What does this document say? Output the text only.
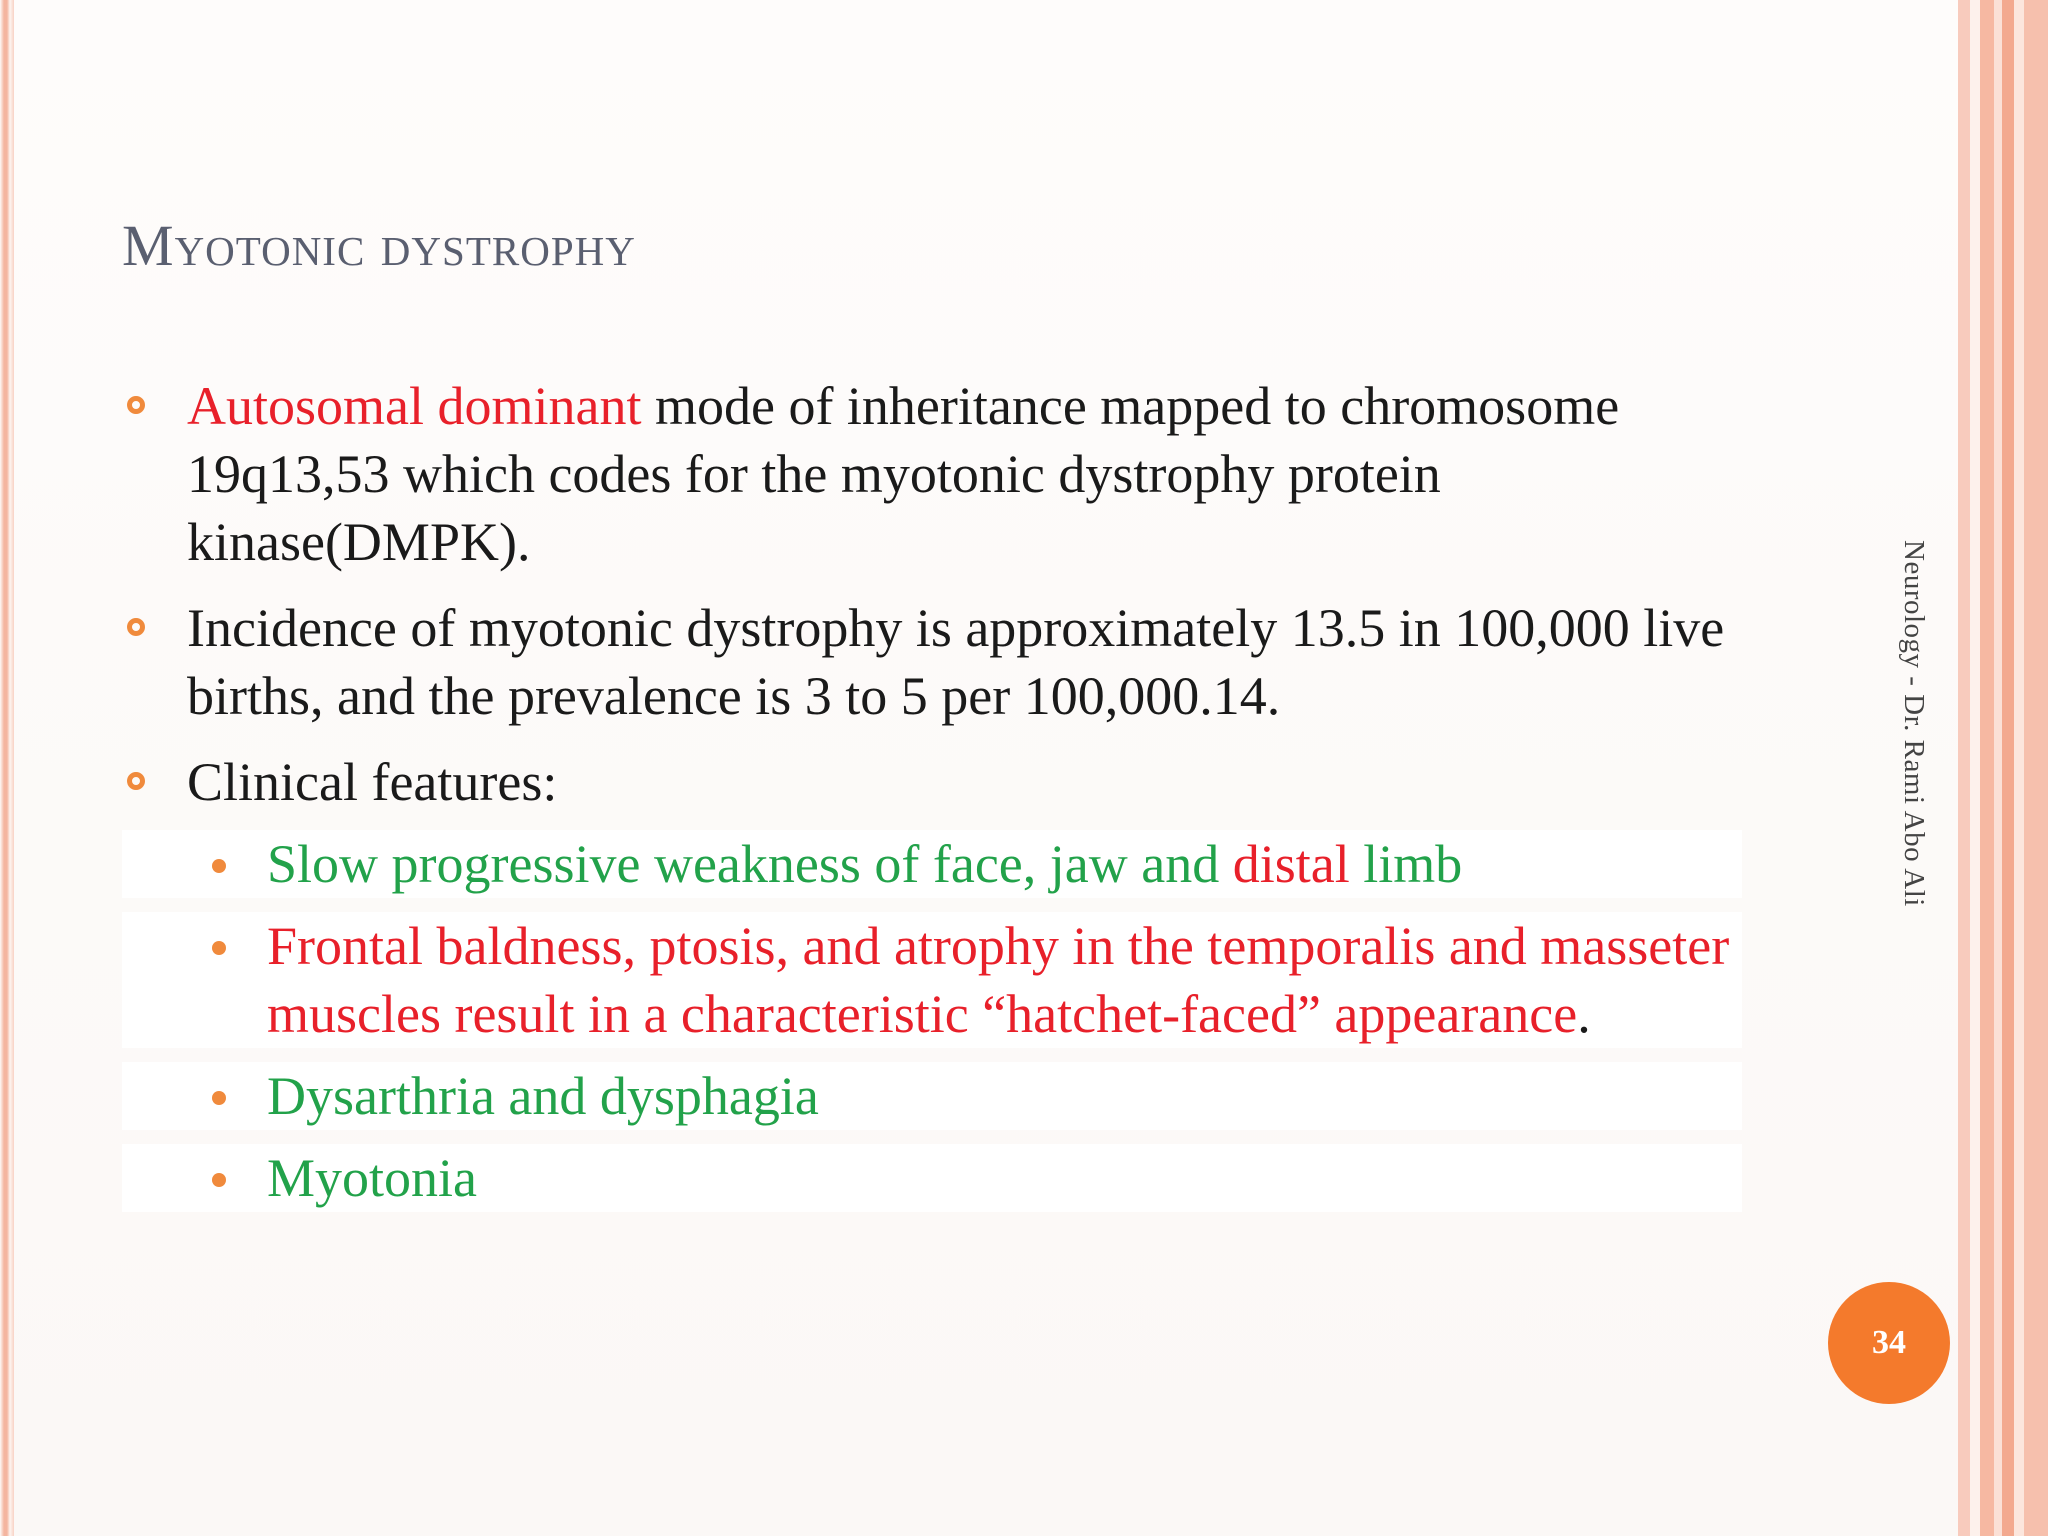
Myotonic dystrophy
Autosomal dominant mode of inheritance mapped to chromosome 19q13,53 which codes for the myotonic dystrophy protein kinase(DMPK).
Incidence of myotonic dystrophy is approximately 13.5 in 100,000 live births, and the prevalence is 3 to 5 per 100,000.14.
Clinical features:
Slow progressive weakness of face, jaw and distal limb
Frontal baldness, ptosis, and atrophy in the temporalis and masseter muscles result in a characteristic “hatchet-faced” appearance.
Dysarthria and dysphagia
Myotonia
Neurology - Dr. Rami Abo Ali
34
